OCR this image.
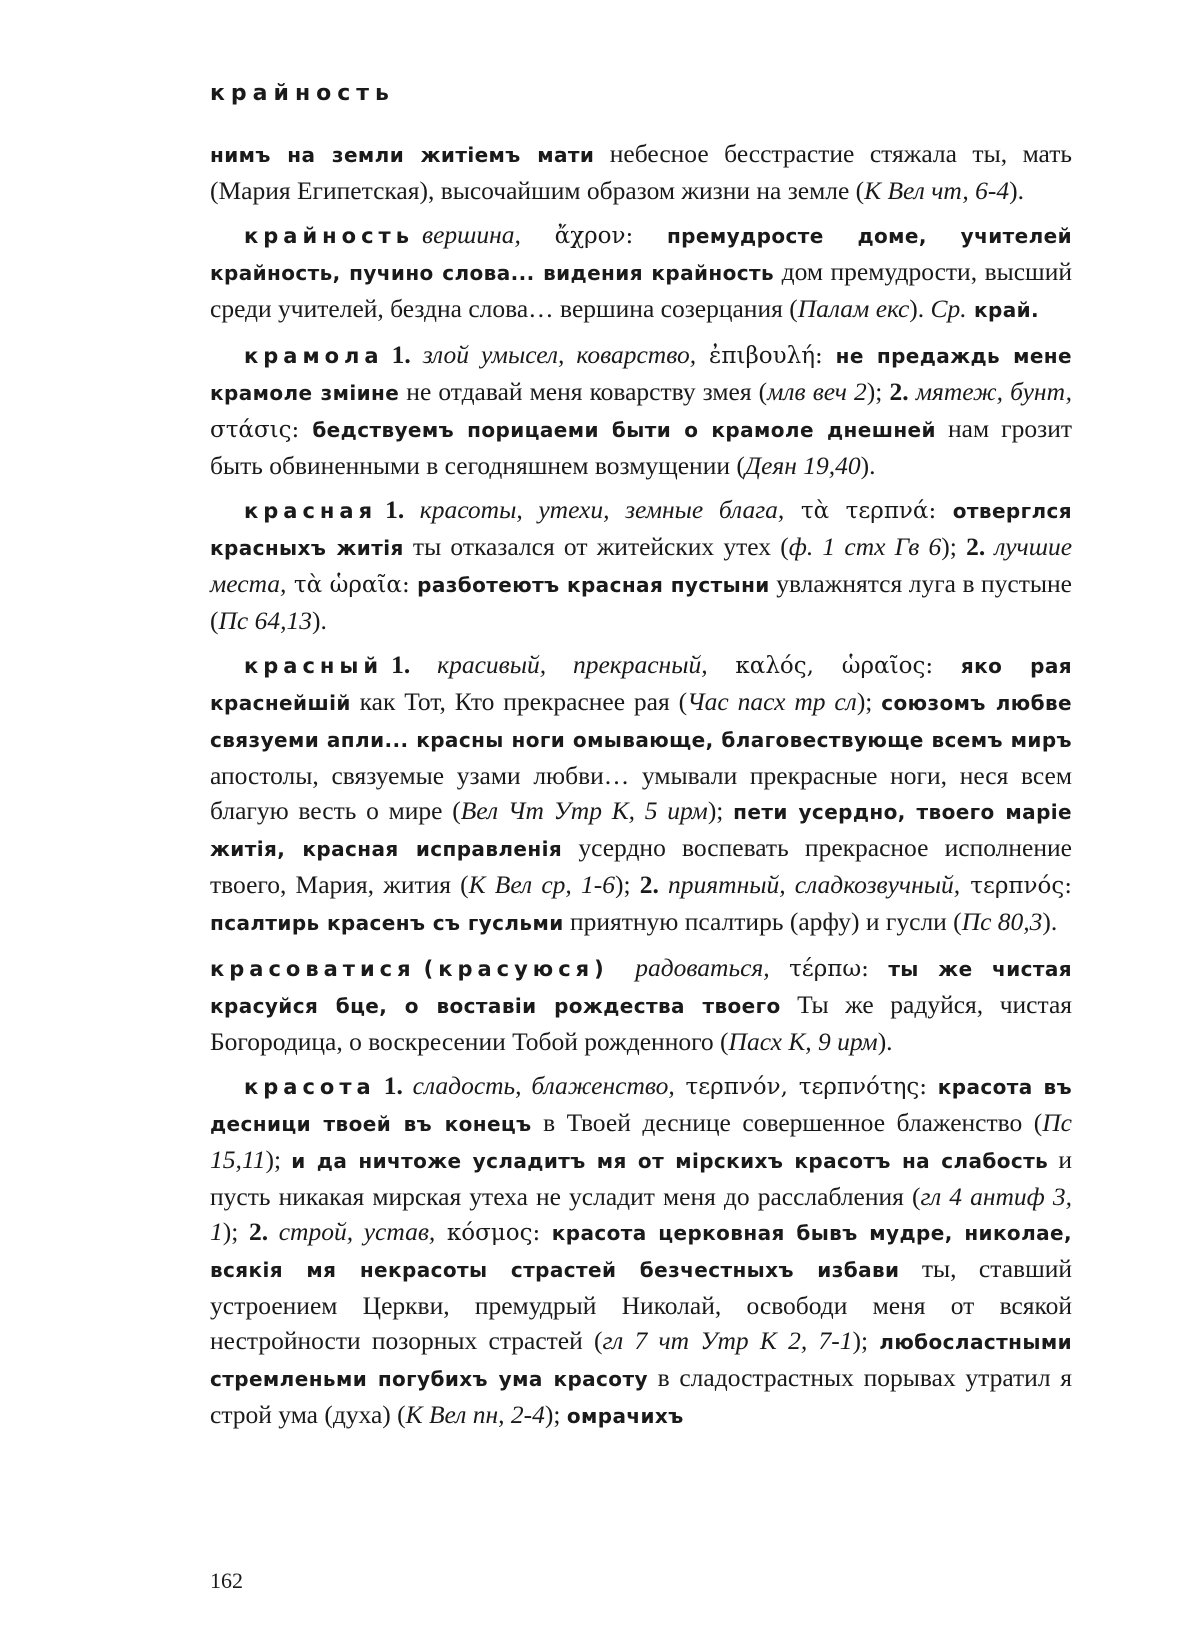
крайность

нимъ на земли житiемъ мати небесное бесстрастие стяжала ты, мать (Мария Египетская), высочайшим образом жизни на земле (К Вел чт, 6-4).

крайность вершина, ἄχρον: премудросте доме, учителей крайность, пучино слова... видения крайность дом премудрости, высший среди учителей, бездна слова… вершина созерцания (Палам екс). Ср. край.

крамола 1. злой умысел, коварство, ἐπιβουλή: не предаждь мене крамоле змiине не отдавай меня коварству змея (млв веч 2); 2. мятеж, бунт, στάσις: бедствуемъ порицаеми быти о крамоле днешней нам грозит быть обвиненными в сегодняшнем возмущении (Деян 19,40).

красная 1. красоты, утехи, земные блага, τὰ τερπνά: отверглся красныхъ житiя ты отказался от житейских утех (ф. 1 стх Гв 6); 2. лучшие места, τὰ ὡραῖα: разботеютъ красная пустыни увлажнятся луга в пустыне (Пс 64,13).

красный 1. красивый, прекрасный, καλός, ὡραῖος: яко рая краснейшiй как Тот, Кто прекраснее рая (Час пасх тр сл); союзомъ любве связуеми апли... красны ноги омывающе, благовествующе всемъ миръ апостолы, связуемые узами любви… умывали прекрасные ноги, неся всем благую весть о мире (Вел Чт Утр К, 5 ирм); пети усердно, твоего марiе житiя, красная исправленiя усердно воспевать прекрасное исполнение твоего, Мария, жития (К Вел ср, 1-6); 2. приятный, сладкозвучный, τερπνός: псалтирь красенъ съ гусльми приятную псалтирь (арфу) и гусли (Пс 80,3).

красоватися (красуюся) радоваться, τέρπω: ты же чистая красуйся бце, о воставiи рождества твоего Ты же радуйся, чистая Богородица, о воскресении Тобой рожденного (Пасх К, 9 ирм).

красота 1. сладость, блаженство, τερπνόν, τερπνότης: красота въ десници твоей въ конецъ в Твоей деснице совершенное блаженство (Пс 15,11); и да ничтоже усладитъ мя от мiрскихъ красотъ на слабость и пусть никакая мирская утеха не усладит меня до расслабления (гл 4 антиф 3, 1); 2. строй, устав, κόσμος: красота церковная бывъ мудре, николае, всякiя мя некрасоты страстей безчестныхъ избави ты, ставший устроением Церкви, премудрый Николай, освободи меня от всякой нестройности позорных страстей (гл 7 чт Утр К 2, 7-1); любосластными стремленьми погубихъ ума красоту в сладострастных порывах утратил я строй ума (духа) (К Вел пн, 2-4); омрачихъ

162
